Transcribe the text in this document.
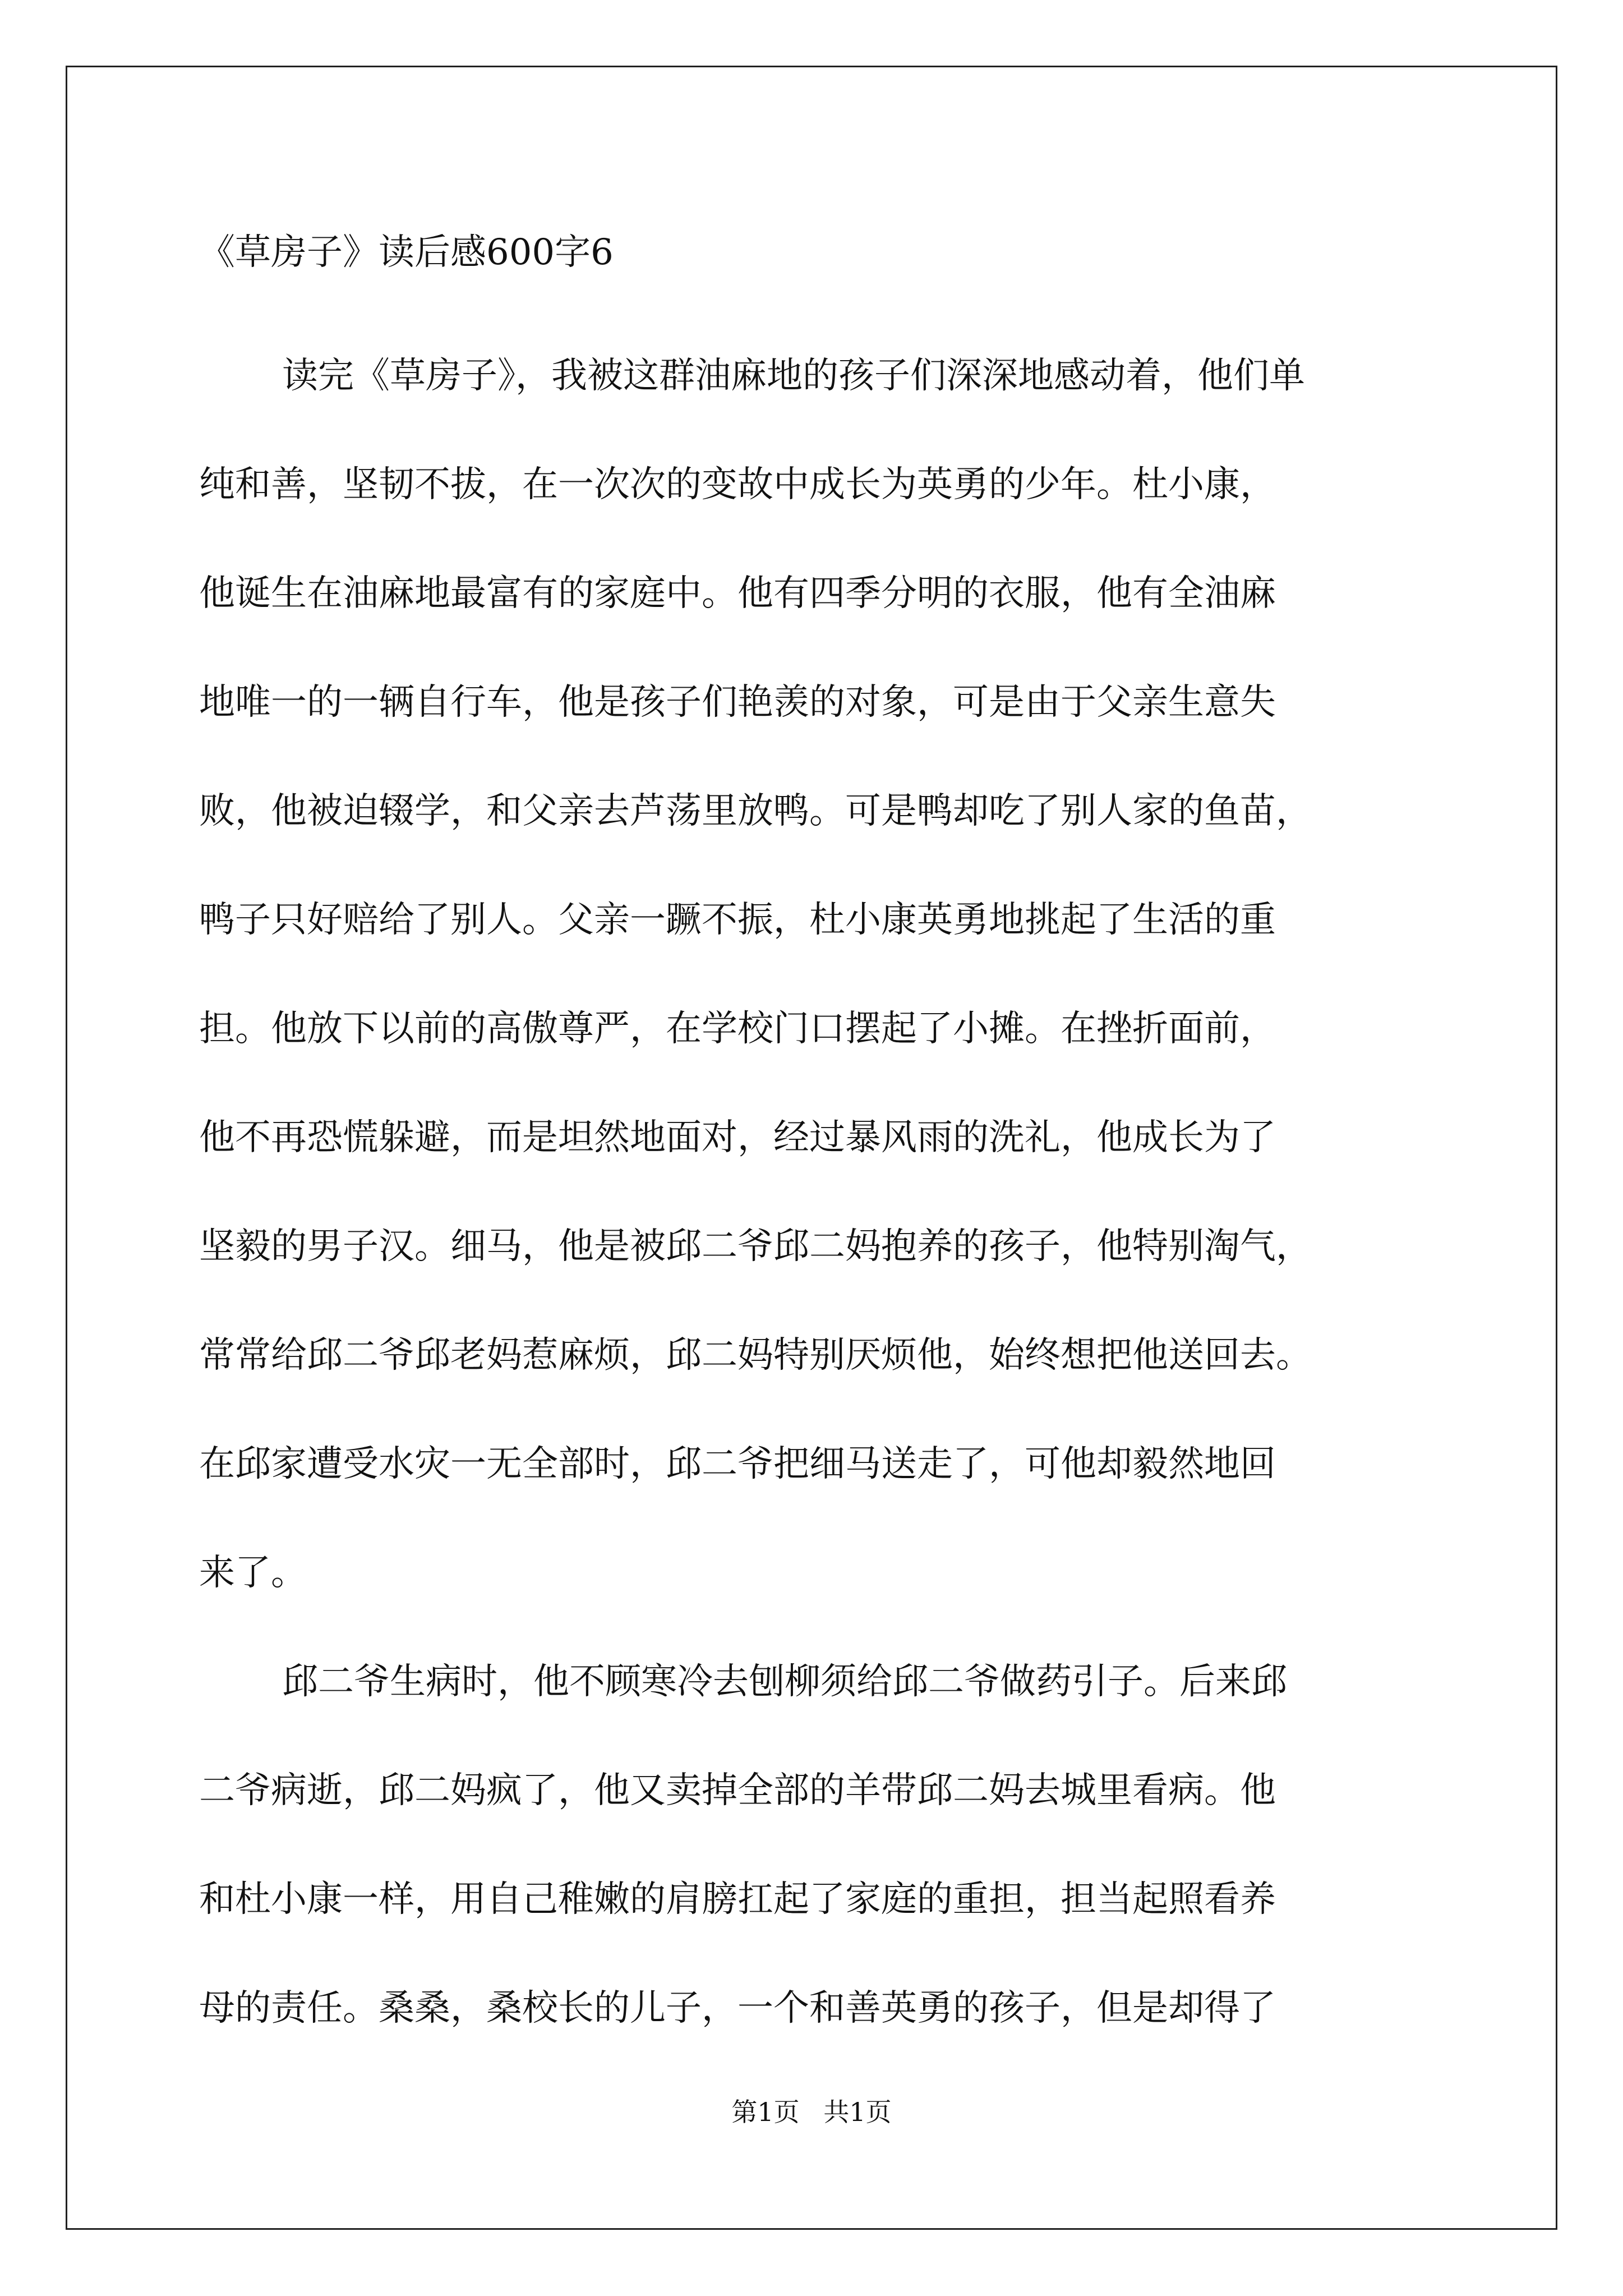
《草房子》读后感600字6

读完《草房子》，我被这群油麻地的孩子们深深地感动着，他们单
纯和善，坚韧不拔，在一次次的变故中成长为英勇的少年。杜小康，
他诞生在油麻地最富有的家庭中。他有四季分明的衣服，他有全油麻
地唯一的一辆自行车，他是孩子们艳羡的对象，可是由于父亲生意失
败，他被迫辍学，和父亲去芦荡里放鸭。可是鸭却吃了别人家的鱼苗，
鸭子只好赔给了别人。父亲一蹶不振，杜小康英勇地挑起了生活的重
担。他放下以前的高傲尊严，在学校门口摆起了小摊。在挫折面前，
他不再恐慌躲避，而是坦然地面对，经过暴风雨的洗礼，他成长为了
坚毅的男子汉。细马，他是被邱二爷邱二妈抱养的孩子，他特别淘气，
常常给邱二爷邱老妈惹麻烦，邱二妈特别厌烦他，始终想把他送回去。
在邱家遭受水灾一无全部时，邱二爷把细马送走了，可他却毅然地回
来了。

邱二爷生病时，他不顾寒冷去刨柳须给邱二爷做药引子。后来邱
二爷病逝，邱二妈疯了，他又卖掉全部的羊带邱二妈去城里看病。他
和杜小康一样，用自己稚嫩的肩膀扛起了家庭的重担，担当起照看养
母的责任。桑桑，桑校长的儿子，一个和善英勇的孩子，但是却得了

第1页 共1页
